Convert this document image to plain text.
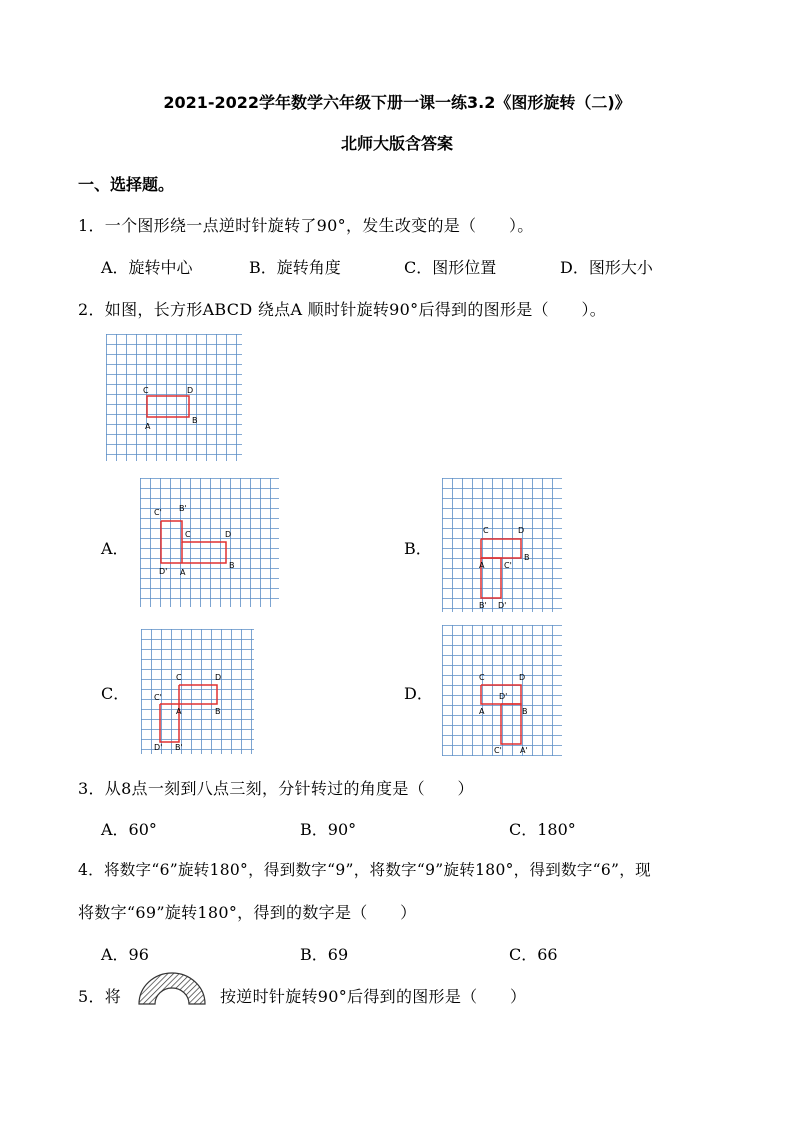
2021-2022学年数学六年级下册一课一练3.2《图形旋转（二)》
北师大版含答案
一、选择题。
1．一个图形绕一点逆时针旋转了90°，发生改变的是（　　）。
A．旋转中心	B．旋转角度	C．图形位置	D．图形大小
2．如图，长方形ABCD 绕点A 顺时针旋转90°后得到的图形是（　　）。
C	D
A
B
A．
C' B'
C	D
D' A
B
B．
C	D
B
A C'
B' D'
C．
C	D
C'
A	B
D' B'
D．
C	D
D'
A	B
C' A'
3．从8点一刻到八点三刻，分针转过的角度是（　　）
A．60°	B．90°	C．180°
4．将数字“6”旋转180°，得到数字“9”，将数字“9”旋转180°，得到数字“6”，现
将数字“69”旋转180°，得到的数字是（　　）
A．96	B．69	C．66
5．将	按逆时针旋转90°后得到的图形是（　　）
